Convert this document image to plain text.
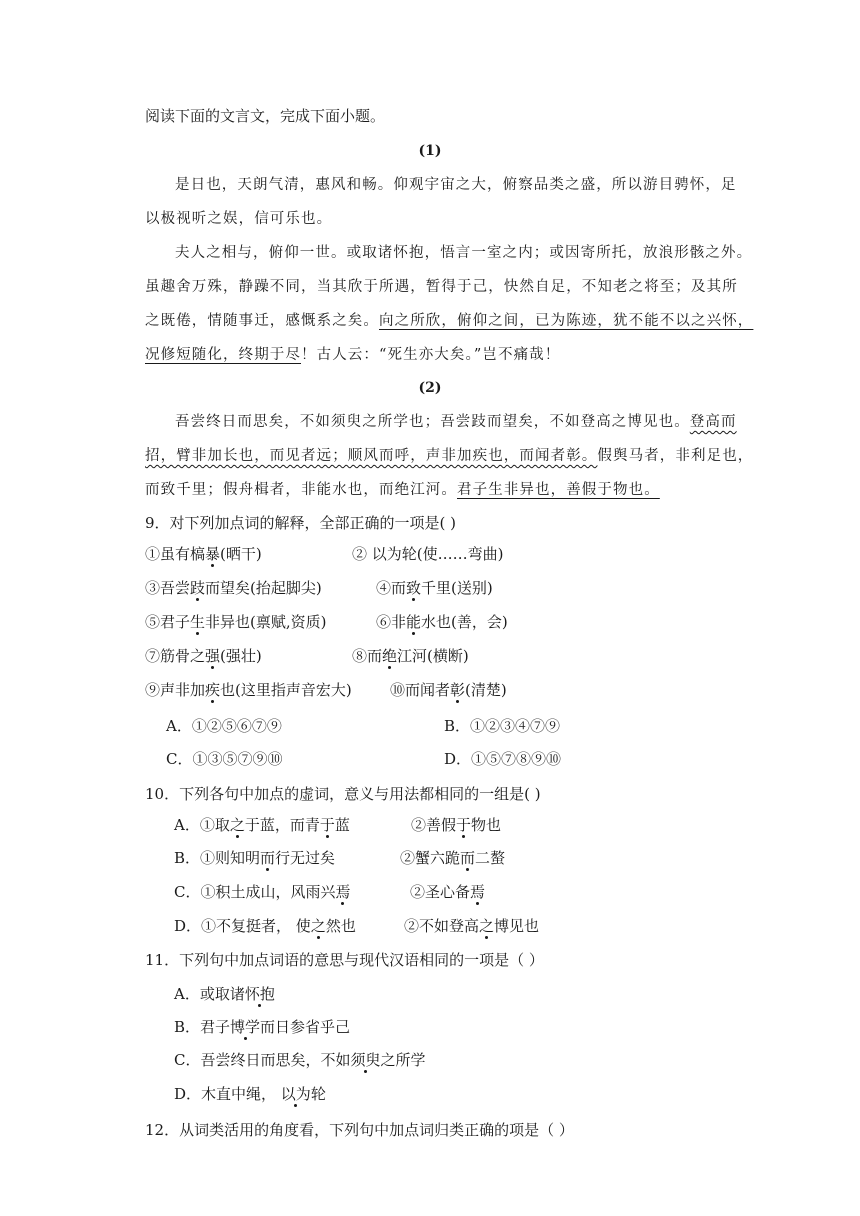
阅读下面的文言文，完成下面小题。
(1)
是日也，天朗气清，惠风和畅。仰观宇宙之大，俯察品类之盛，所以游目骋怀，足
以极视听之娱，信可乐也。
夫人之相与，俯仰一世。或取诸怀抱，悟言一室之内；或因寄所托，放浪形骸之外。
虽趣舍万殊，静躁不同，当其欣于所遇，暂得于己，快然自足，不知老之将至；及其所
之既倦，情随事迁，感慨系之矣。向之所欣，俯仰之间，已为陈迹，犹不能不以之兴怀，
况修短随化，终期于尽！古人云：“死生亦大矣。”岂不痛哉！
(2)
吾尝终日而思矣，不如须臾之所学也；吾尝跂而望矣，不如登高之博见也。登高而
招，臂非加长也，而见者远；顺风而呼，声非加疾也，而闻者彰。假舆马者，非利足也，
而致千里；假舟楫者，非能水也，而绝江河。君子生非异也，善假于物也。
9．对下列加点词的解释，全部正确的一项是( )
①虽有槁暴(晒干)	② 以为轮(使……弯曲)
③吾尝跂而望矣(抬起脚尖)	④而致千里(送别)
⑤君子生非异也(禀赋,资质)	⑥非能水也(善，会)
⑦筋骨之强(强壮)	⑧而绝江河(横断)
⑨声非加疾也(这里指声音宏大)	⑩而闻者彰(清楚)
A．①②⑤⑥⑦⑨	B．①②③④⑦⑨
C．①③⑤⑦⑨⑩	D．①⑤⑦⑧⑨⑩
10．下列各句中加点的虚词，意义与用法都相同的一组是( )
A．①取之于蓝，而青于蓝	②善假于物也
B．①则知明而行无过矣	②蟹六跪而二螯
C．①积土成山，风雨兴焉	②圣心备焉
D．①不复挺者， 使之然也	②不如登高之博见也
11．下列句中加点词语的意思与现代汉语相同的一项是（ ）
A．或取诸怀抱
B．君子博学而日参省乎己
C．吾尝终日而思矣，不如须臾之所学
D．木直中绳， 以为轮
12．从词类活用的角度看，下列句中加点词归类正确的项是（ ）
